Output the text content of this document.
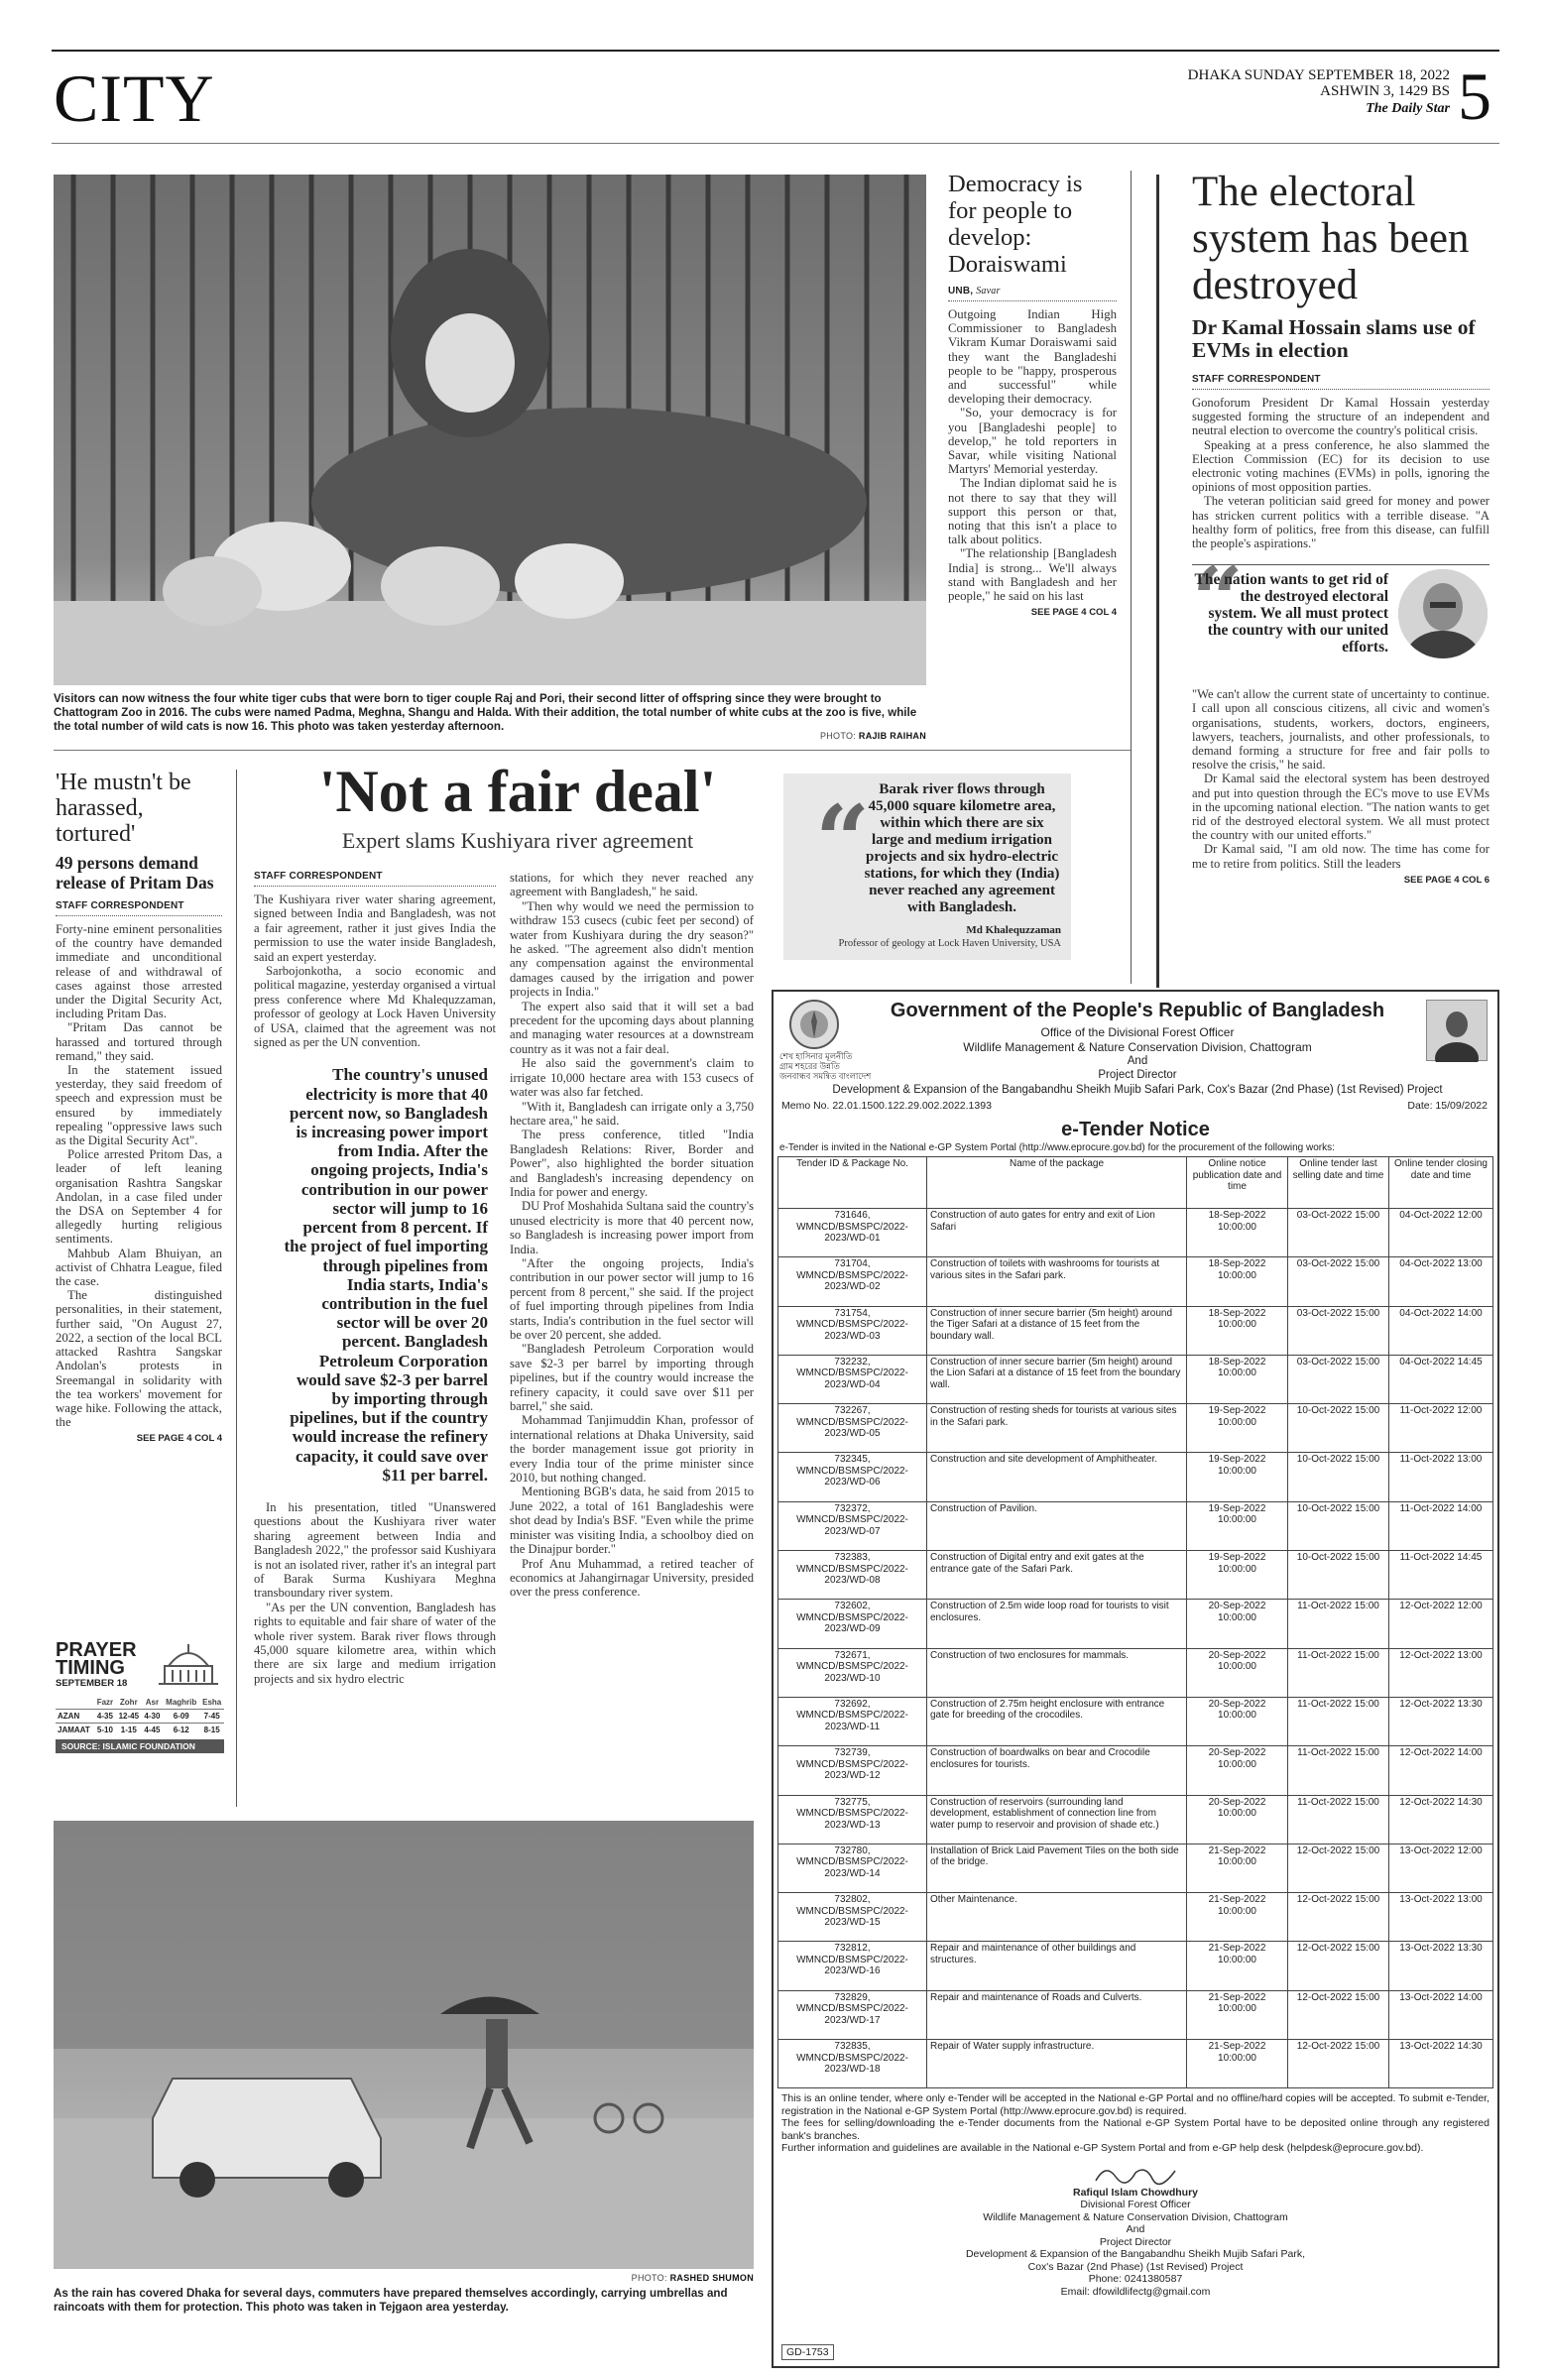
CITY	DHAKA SUNDAY SEPTEMBER 18, 2022
ASHWIN 3, 1429 BS
The Daily Star 5
Visitors can now witness the four white tiger cubs that were born to tiger couple Raj and Pori, their second litter of offspring since they were brought to Chattogram Zoo in 2016. The cubs were named Padma, Meghna, Shangu and Halda. With their addition, the total number of white cubs at the zoo is five, while the total number of wild cats is now 16. This photo was taken yesterday afternoon.
PHOTO: RAJIB RAIHAN
Democracy is for people to develop: Doraiswami
UNB, Savar

Outgoing Indian High Commissioner to Bangladesh Vikram Kumar Doraiswami said they want the Bangladeshi people to be "happy, prosperous and successful" while developing their democracy.

"So, your democracy is for you [Bangladeshi people] to develop," he told reporters in Savar, while visiting National Martyrs' Memorial yesterday.

The Indian diplomat said he is not there to say that they will support this person or that, noting that this isn't a place to talk about politics.

"The relationship [Bangladesh India] is strong... We'll always stand with Bangladesh and her people," he said on his last

SEE PAGE 4 COL 4
The electoral system has been destroyed
Dr Kamal Hossain slams use of EVMs in election
STAFF CORRESPONDENT

Gonoforum President Dr Kamal Hossain yesterday suggested forming the structure of an independent and neutral election to overcome the country's political crisis.

Speaking at a press conference, he also slammed the Election Commission (EC) for its decision to use electronic voting machines (EVMs) in polls, ignoring the opinions of most opposition parties.

The veteran politician said greed for money and power has stricken current politics with a terrible disease. "A healthy form of politics, free from this disease, can fulfill the people's aspirations."

“
The nation wants to get rid of the destroyed electoral system. We all must protect the country with our united efforts.

"We can't allow the current state of uncertainty to continue. I call upon all conscious citizens, all civic and women's organisations, students, workers, doctors, engineers, lawyers, teachers, journalists, and other professionals, to demand forming a structure for free and fair polls to resolve the crisis," he said.

Dr Kamal said the electoral system has been destroyed and put into question through the EC's move to use EVMs in the upcoming national election. "The nation wants to get rid of the destroyed electoral system. We all must protect the country with our united efforts."

Dr Kamal said, "I am old now. The time has come for me to retire from politics. Still the leaders

SEE PAGE 4 COL 6
'He mustn't be harassed, tortured'
49 persons demand release of Pritam Das
STAFF CORRESPONDENT

Forty-nine eminent personalities of the country have demanded immediate and unconditional release of and withdrawal of cases against those arrested under the Digital Security Act, including Pritam Das.

"Pritam Das cannot be harassed and tortured through remand," they said.

In the statement issued yesterday, they said freedom of speech and expression must be ensured by immediately repealing "oppressive laws such as the Digital Security Act".

Police arrested Pritom Das, a leader of left leaning organisation Rashtra Sangskar Andolan, in a case filed under the DSA on September 4 for allegedly hurting religious sentiments.

Mahbub Alam Bhuiyan, an activist of Chhatra League, filed the case.

The distinguished personalities, in their statement, further said, "On August 27, 2022, a section of the local BCL attacked Rashtra Sangskar Andolan's protests in Sreemangal in solidarity with the tea workers' movement for wage hike. Following the attack, the

SEE PAGE 4 COL 4
PRAYER
TIMING
SEPTEMBER 18
	Fazr	Zohr	Asr	Maghrib	Esha
AZAN	4-35	12-45	4-30	6-09	7-45
JAMAAT	5-10	1-15	4-45	6-12	8-15
SOURCE: ISLAMIC FOUNDATION
'Not a fair deal'
Expert slams Kushiyara river agreement
STAFF CORRESPONDENT

The Kushiyara river water sharing agreement, signed between India and Bangladesh, was not a fair agreement, rather it just gives India the permission to use the water inside Bangladesh, said an expert yesterday.

Sarbojonkotha, a socio economic and political magazine, yesterday organised a virtual press conference where Md Khalequzzaman, professor of geology at Lock Haven University of USA, claimed that the agreement was not signed as per the UN convention.

The country's unused electricity is more that 40 percent now, so Bangladesh is increasing power import from India. After the ongoing projects, India's contribution in our power sector will jump to 16 percent from 8 percent. If the project of fuel importing through pipelines from India starts, India's contribution in the fuel sector will be over 20 percent. Bangladesh Petroleum Corporation would save $2-3 per barrel by importing through pipelines, but if the country would increase the refinery capacity, it could save over $11 per barrel.

In his presentation, titled "Unanswered questions about the Kushiyara river water sharing agreement between India and Bangladesh 2022," the professor said Kushiyara is not an isolated river, rather it's an integral part of Barak Surma Kushiyara Meghna transboundary river system.

"As per the UN convention, Bangladesh has rights to equitable and fair share of water of the whole river system. Barak river flows through 45,000 square kilometre area, within which there are six large and medium irrigation projects and six hydro electric

stations, for which they never reached any agreement with Bangladesh," he said.

"Then why would we need the permission to withdraw 153 cusecs (cubic feet per second) of water from Kushiyara during the dry season?" he asked. "The agreement also didn't mention any compensation against the environmental damages caused by the irrigation and power projects in India."

The expert also said that it will set a bad precedent for the upcoming days about planning and managing water resources at a downstream country as it was not a fair deal.

He also said the government's claim to irrigate 10,000 hectare area with 153 cusecs of water was also far fetched.

"With it, Bangladesh can irrigate only a 3,750 hectare area," he said.

The press conference, titled "India Bangladesh Relations: River, Border and Power", also highlighted the border situation and Bangladesh's increasing dependency on India for power and energy.

DU Prof Moshahida Sultana said the country's unused electricity is more that 40 percent now, so Bangladesh is increasing power import from India.

"After the ongoing projects, India's contribution in our power sector will jump to 16 percent from 8 percent," she said. If the project of fuel importing through pipelines from India starts, India's contribution in the fuel sector will be over 20 percent, she added.

"Bangladesh Petroleum Corporation would save $2-3 per barrel by importing through pipelines, but if the country would increase the refinery capacity, it could save over $11 per barrel," she said.

Mohammad Tanjimuddin Khan, professor of international relations at Dhaka University, said the border management issue got priority in every India tour of the prime minister since 2010, but nothing changed.

Mentioning BGB's data, he said from 2015 to June 2022, a total of 161 Bangladeshis were shot dead by India's BSF. "Even while the prime minister was visiting India, a schoolboy died on the Dinajpur border."

Prof Anu Muhammad, a retired teacher of economics at Jahangirnagar University, presided over the press conference.

“ Barak river flows through 45,000 square kilometre area, within which there are six large and medium irrigation projects and six hydro-electric stations, for which they (India) never reached any agreement with Bangladesh.
Md Khalequzzaman
Professor of geology at Lock Haven University, USA
PHOTO: RASHED SHUMON
As the rain has covered Dhaka for several days, commuters have prepared themselves accordingly, carrying umbrellas and raincoats with them for protection. This photo was taken in Tejgaon area yesterday.
শেখ হাসিনার মূলনীতি
গ্রাম শহরের উন্নতি
জনবান্ধব সমন্বিত বাংলাদেশ
Government of the People's Republic of Bangladesh
Office of the Divisional Forest Officer
Wildlife Management & Nature Conservation Division, Chattogram
And
Project Director
Development & Expansion of the Bangabandhu Sheikh Mujib Safari Park, Cox's Bazar (2nd Phase) (1st Revised) Project
Memo No. 22.01.1500.122.29.002.2022.1393	Date: 15/09/2022
e-Tender Notice
e-Tender is invited in the National e-GP System Portal (http://www.eprocure.gov.bd) for the procurement of the following works:
Tender ID & Package No.	Name of the package	Online notice publication date and time	Online tender last selling date and time	Online tender closing date and time
731646, WMNCD/BSMSPC/2022-2023/WD-01	Construction of auto gates for entry and exit of Lion Safari	18-Sep-2022 10:00:00	03-Oct-2022 15:00	04-Oct-2022 12:00
731704, WMNCD/BSMSPC/2022-2023/WD-02	Construction of toilets with washrooms for tourists at various sites in the Safari park.	18-Sep-2022 10:00:00	03-Oct-2022 15:00	04-Oct-2022 13:00
731754, WMNCD/BSMSPC/2022-2023/WD-03	Construction of inner secure barrier (5m height) around the Tiger Safari at a distance of 15 feet from the boundary wall.	18-Sep-2022 10:00:00	03-Oct-2022 15:00	04-Oct-2022 14:00
732232, WMNCD/BSMSPC/2022-2023/WD-04	Construction of inner secure barrier (5m height) around the Lion Safari at a distance of 15 feet from the boundary wall.	18-Sep-2022 10:00:00	03-Oct-2022 15:00	04-Oct-2022 14:45
732267, WMNCD/BSMSPC/2022-2023/WD-05	Construction of resting sheds for tourists at various sites in the Safari park.	19-Sep-2022 10:00:00	10-Oct-2022 15:00	11-Oct-2022 12:00
732345, WMNCD/BSMSPC/2022-2023/WD-06	Construction and site development of Amphitheater.	19-Sep-2022 10:00:00	10-Oct-2022 15:00	11-Oct-2022 13:00
732372, WMNCD/BSMSPC/2022-2023/WD-07	Construction of Pavilion.	19-Sep-2022 10:00:00	10-Oct-2022 15:00	11-Oct-2022 14:00
732383, WMNCD/BSMSPC/2022-2023/WD-08	Construction of Digital entry and exit gates at the entrance gate of the Safari Park.	19-Sep-2022 10:00:00	10-Oct-2022 15:00	11-Oct-2022 14:45
732602, WMNCD/BSMSPC/2022-2023/WD-09	Construction of 2.5m wide loop road for tourists to visit enclosures.	20-Sep-2022 10:00:00	11-Oct-2022 15:00	12-Oct-2022 12:00
732671, WMNCD/BSMSPC/2022-2023/WD-10	Construction of two enclosures for mammals.	20-Sep-2022 10:00:00	11-Oct-2022 15:00	12-Oct-2022 13:00
732692, WMNCD/BSMSPC/2022-2023/WD-11	Construction of 2.75m height enclosure with entrance gate for breeding of the crocodiles.	20-Sep-2022 10:00:00	11-Oct-2022 15:00	12-Oct-2022 13:30
732739, WMNCD/BSMSPC/2022-2023/WD-12	Construction of boardwalks on bear and Crocodile enclosures for tourists.	20-Sep-2022 10:00:00	11-Oct-2022 15:00	12-Oct-2022 14:00
732775, WMNCD/BSMSPC/2022-2023/WD-13	Construction of reservoirs (surrounding land development, establishment of connection line from water pump to reservoir and provision of shade etc.)	20-Sep-2022 10:00:00	11-Oct-2022 15:00	12-Oct-2022 14:30
732780, WMNCD/BSMSPC/2022-2023/WD-14	Installation of Brick Laid Pavement Tiles on the both side of the bridge.	21-Sep-2022 10:00:00	12-Oct-2022 15:00	13-Oct-2022 12:00
732802, WMNCD/BSMSPC/2022-2023/WD-15	Other Maintenance.	21-Sep-2022 10:00:00	12-Oct-2022 15:00	13-Oct-2022 13:00
732812, WMNCD/BSMSPC/2022-2023/WD-16	Repair and maintenance of other buildings and structures.	21-Sep-2022 10:00:00	12-Oct-2022 15:00	13-Oct-2022 13:30
732829, WMNCD/BSMSPC/2022-2023/WD-17	Repair and maintenance of Roads and Culverts.	21-Sep-2022 10:00:00	12-Oct-2022 15:00	13-Oct-2022 14:00
732835, WMNCD/BSMSPC/2022-2023/WD-18	Repair of Water supply infrastructure.	21-Sep-2022 10:00:00	12-Oct-2022 15:00	13-Oct-2022 14:30
This is an online tender, where only e-Tender will be accepted in the National e-GP Portal and no offline/hard copies will be accepted. To submit e-Tender, registration in the National e-GP System Portal (http://www.eprocure.gov.bd) is required.
The fees for selling/downloading the e-Tender documents from the National e-GP System Portal have to be deposited online through any registered bank's branches.
Further information and guidelines are available in the National e-GP System Portal and from e-GP help desk (helpdesk@eprocure.gov.bd).
Rafiqul Islam Chowdhury
Divisional Forest Officer
Wildlife Management & Nature Conservation Division, Chattogram
And
Project Director
Development & Expansion of the Bangabandhu Sheikh Mujib Safari Park,
Cox's Bazar (2nd Phase) (1st Revised) Project
Phone: 0241380587
Email: dfowildlifectg@gmail.com
GD-1753
